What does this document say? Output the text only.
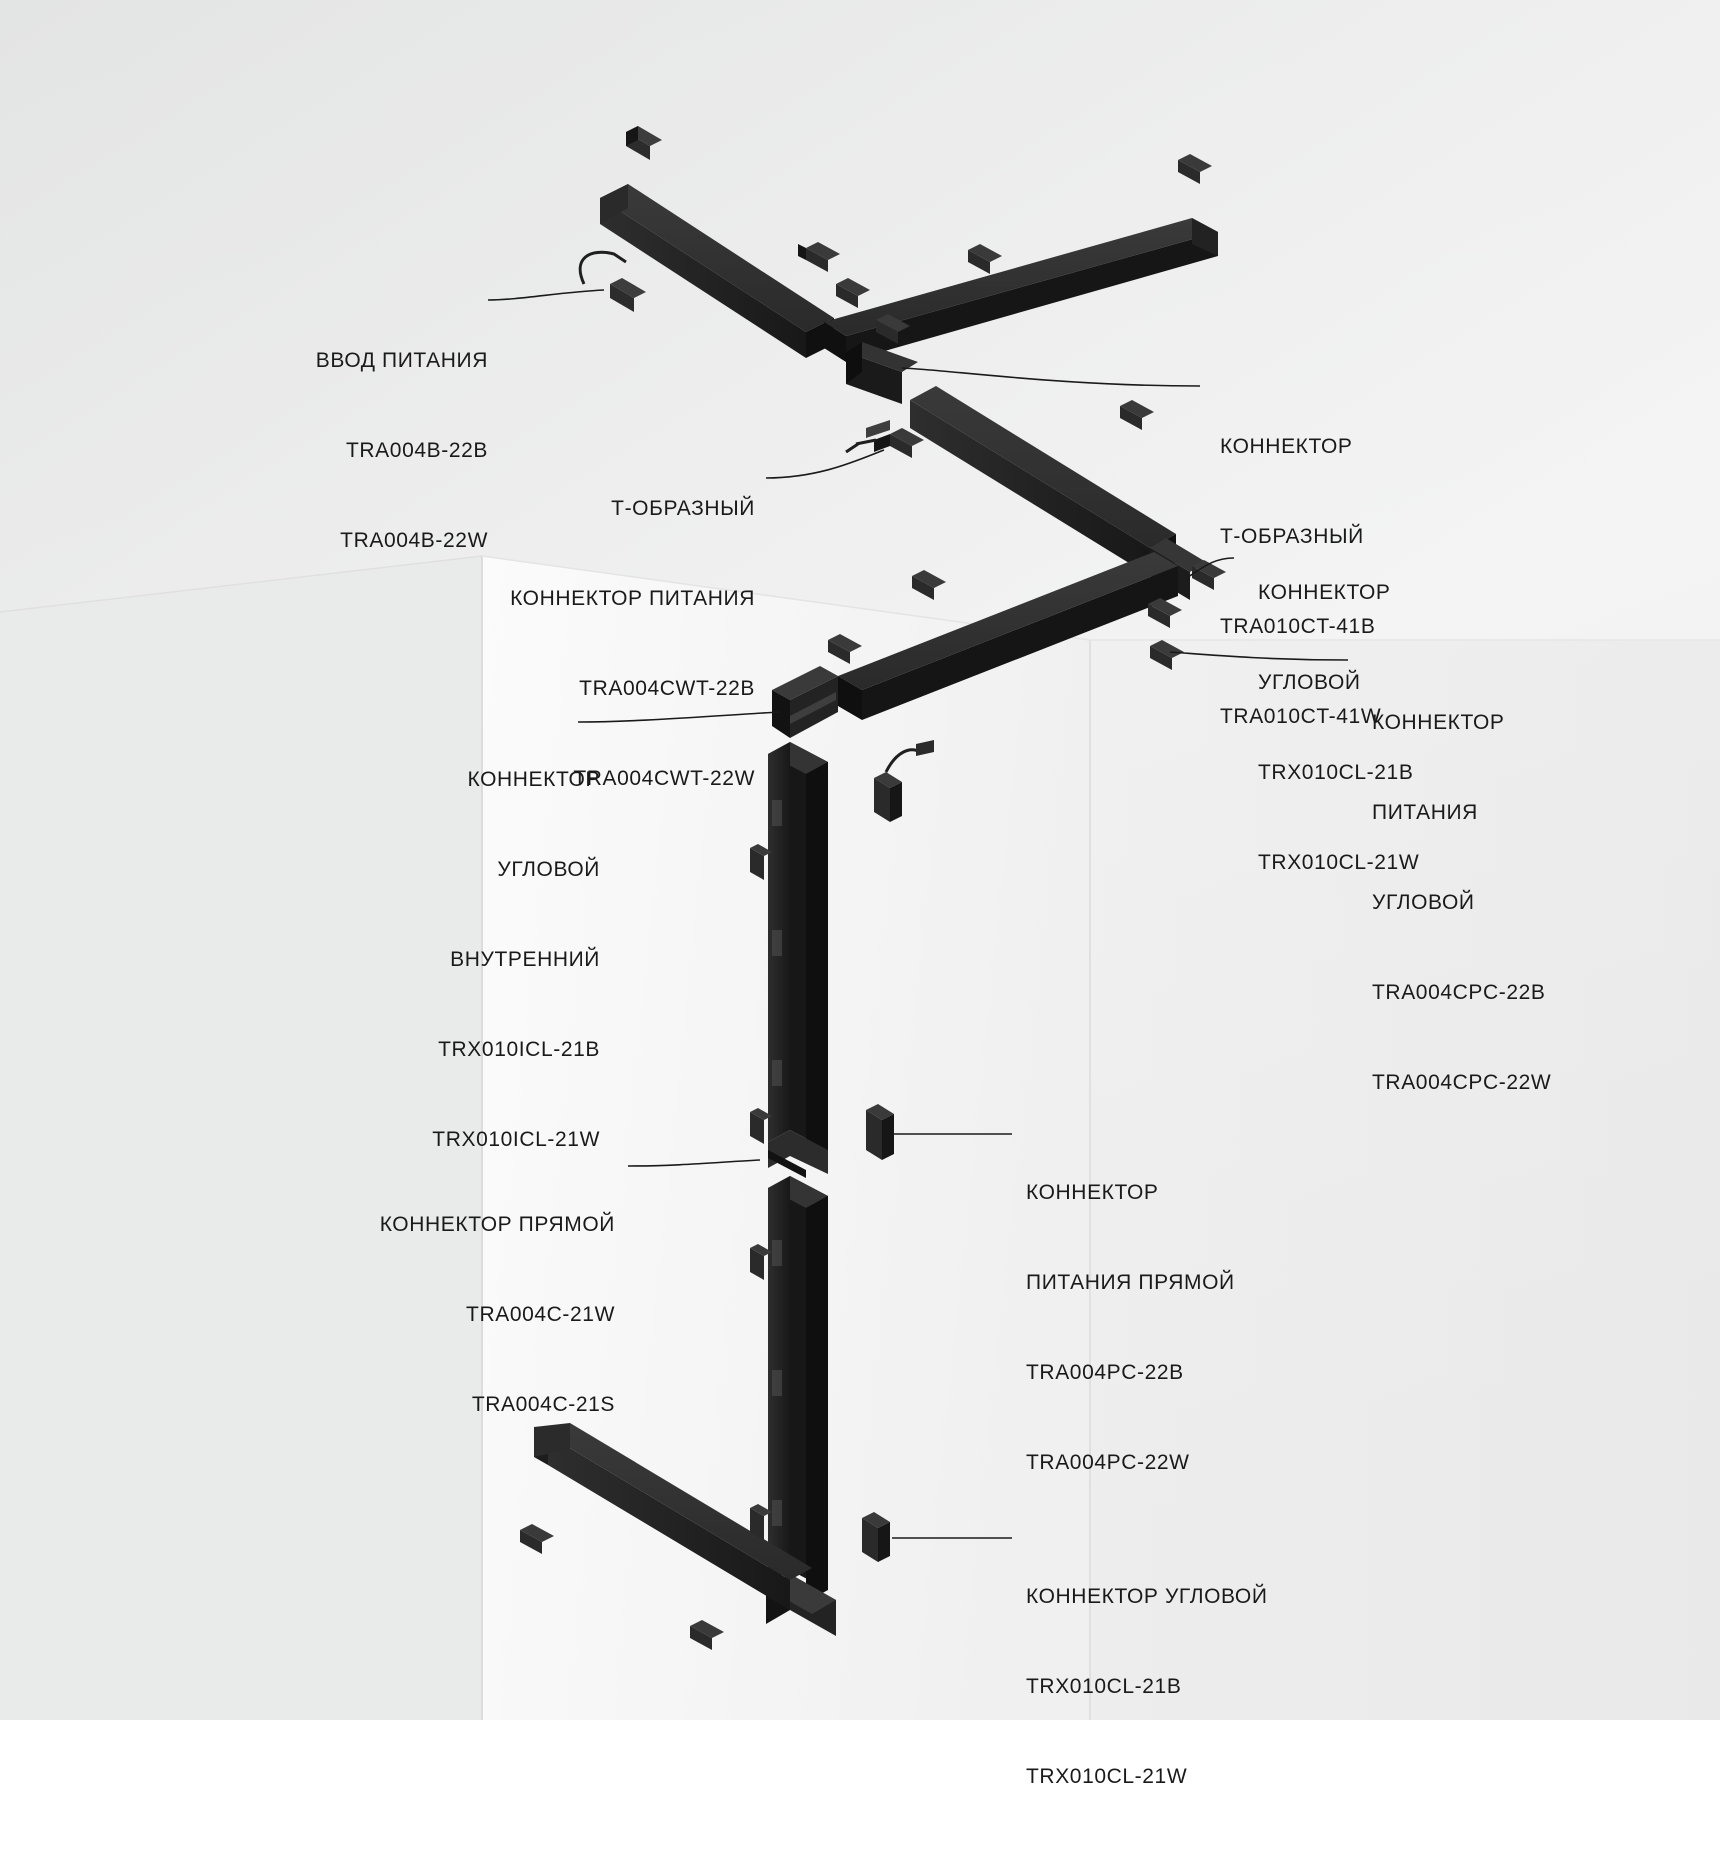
ВВОД ПИТАНИЯ

TRA004B-22B

TRA004B-22W

КОННЕКТОР

Т-ОБРАЗНЫЙ

TRA010CT-41B

TRA010CT-41W

Т-ОБРАЗНЫЙ

КОННЕКТОР ПИТАНИЯ

TRA004CWT-22B

TRA004CWT-22W

КОННЕКТОР

УГЛОВОЙ

TRX010CL-21B

TRX010CL-21W

КОННЕКТОР

ПИТАНИЯ

УГЛОВОЙ

TRA004CPC-22B

TRA004CPC-22W

КОННЕКТОР

УГЛОВОЙ

ВНУТРЕННИЙ

TRX010ICL-21B

TRX010ICL-21W

КОННЕКТОР ПРЯМОЙ

TRA004C-21W

TRA004C-21S

КОННЕКТОР

ПИТАНИЯ ПРЯМОЙ

TRA004PC-22B

TRA004PC-22W

КОННЕКТОР УГЛОВОЙ

TRX010CL-21B

TRX010CL-21W
